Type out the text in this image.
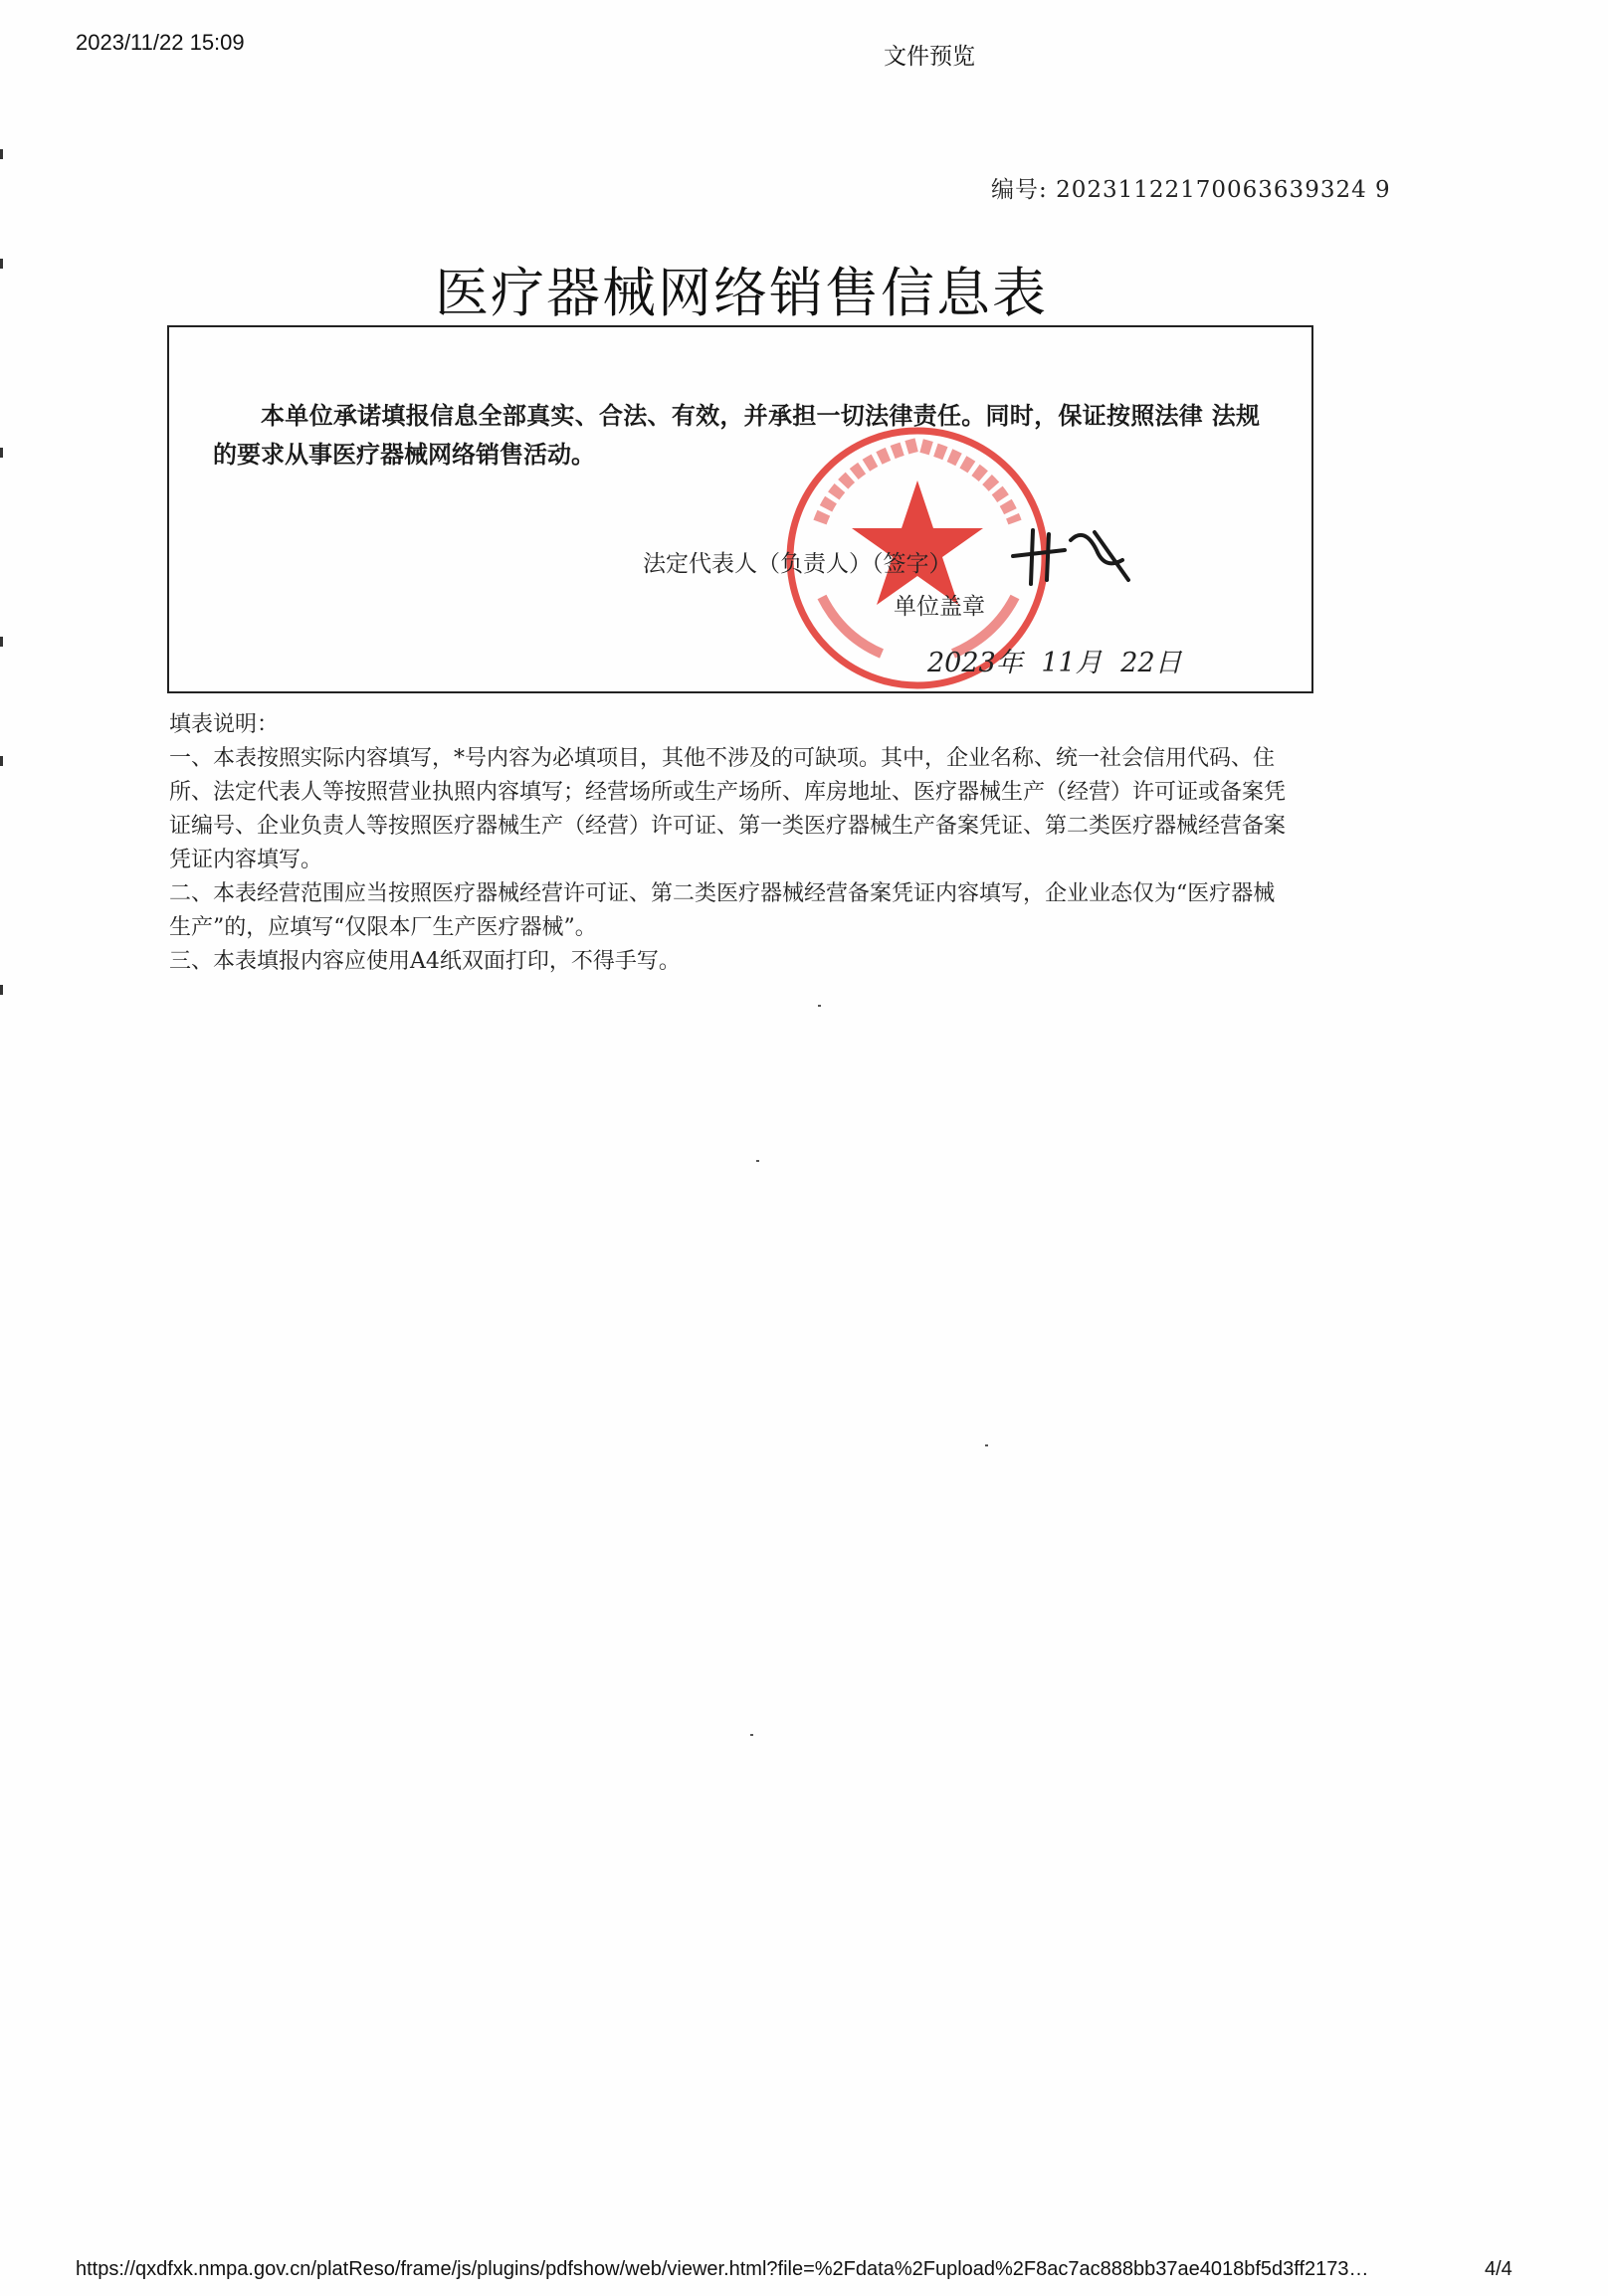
2023/11/22 15:09
文件预览
编号: 20231122170063639324 9
医疗器械网络销售信息表
本单位承诺填报信息全部真实、合法、有效，并承担一切法律责任。同时，保证按照法律 法规的要求从事医疗器械网络销售活动。
法定代表人（负责人）（签字）
单位盖章
2023年 11月 22日

填表说明：

一、本表按照实际内容填写，*号内容为必填项目，其他不涉及的可缺项。其中，企业名称、统一社会信用代码、住所、法定代表人等按照营业执照内容填写；经营场所或生产场所、库房地址、医疗器械生产（经营）许可证或备案凭证编号、企业负责人等按照医疗器械生产（经营）许可证、第一类医疗器械生产备案凭证、第二类医疗器械经营备案凭证内容填写。

二、本表经营范围应当按照医疗器械经营许可证、第二类医疗器械经营备案凭证内容填写，企业业态仅为“医疗器械生产”的，应填写“仅限本厂生产医疗器械”。

三、本表填报内容应使用A4纸双面打印，不得手写。

https://qxdfxk.nmpa.gov.cn/platReso/frame/js/plugins/pdfshow/web/viewer.html?file=%2Fdata%2Fupload%2F8ac7ac888bb37ae4018bf5d3ff2173…	4/4
